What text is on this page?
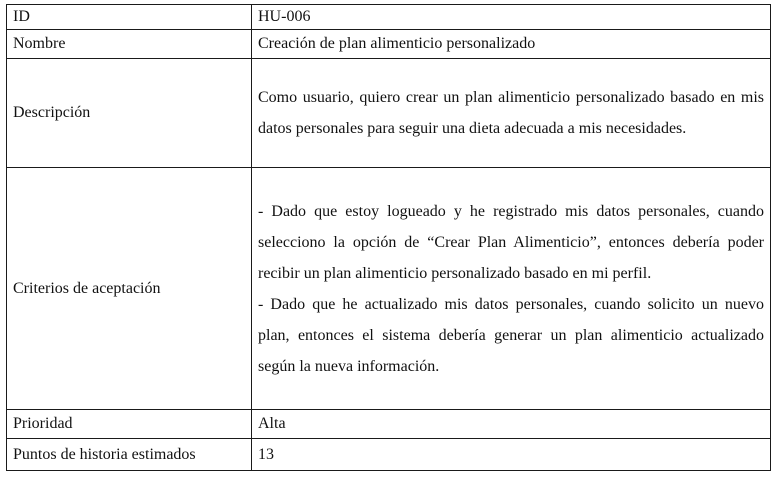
ID	HU-006
Nombre	Creación de plan alimenticio personalizado
Descripción	Como usuario, quiero crear un plan alimenticio personalizado basado en mis datos personales para seguir una dieta adecuada a mis necesidades.
Criterios de aceptación	- Dado que estoy logueado y he registrado mis datos personales, cuando selecciono la opción de “Crear Plan Alimenticio”, entonces debería poder recibir un plan alimenticio personalizado basado en mi perfil.
- Dado que he actualizado mis datos personales, cuando solicito un nuevo plan, entonces el sistema debería generar un plan alimenticio actualizado según la nueva información.

Prioridad	Alta
Puntos de historia estimados	13
